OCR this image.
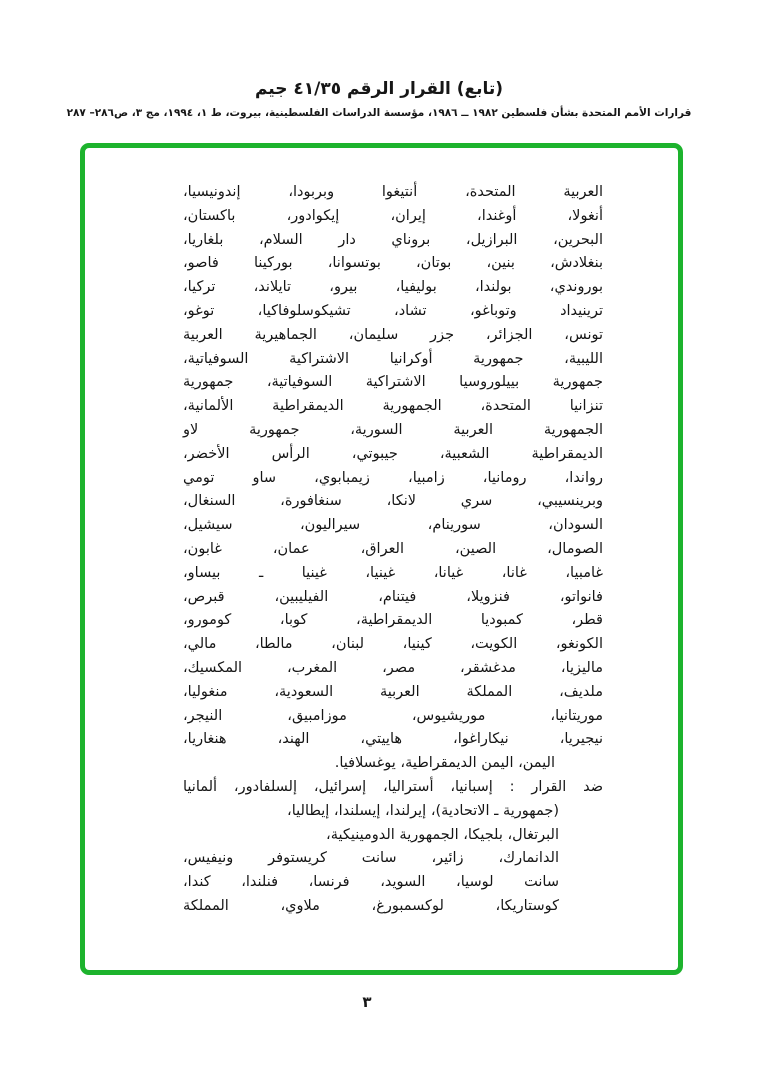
(تابع) القرار الرقم ٤١/٣٥ جيم
قرارات الأمم المتحدة بشأن فلسطين ١٩٨٢ ــ ١٩٨٦، مؤسسة الدراسات الفلسطينية، بيروت، ط ١، ١٩٩٤، مج ٣، ص٢٨٦– ٢٨٧
العربية المتحدة، أنتيغوا وبربودا، إندونيسيا،
أنغولا، أوغندا، إيران، إيكوادور، باكستان،
البحرين، البرازيل، بروناي دار السلام، بلغاريا،
بنغلادش، بنين، بوتان، بوتسوانا، بوركينا فاصو،
بوروندي، بولندا، بوليفيا، بيرو، تايلاند، تركيا،
ترينيداد وتوباغو، تشاد، تشيكوسلوفاكيا، توغو،
تونس، الجزائر، جزر سليمان، الجماهيرية العربية
الليبية، جمهورية أوكرانيا الاشتراكية السوفياتية،
جمهورية بييلوروسيا الاشتراكية السوفياتية، جمهورية
تنزانيا المتحدة، الجمهورية الديمقراطية الألمانية،
الجمهورية العربية السورية، جمهورية لاو
الديمقراطية الشعبية، جيبوتي، الرأس الأخضر،
رواندا، رومانيا، زامبيا، زيمبابوي، ساو تومي
وبرينسيبي، سري لانكا، سنغافورة، السنغال،
السودان، سورينام، سيراليون، سيشيل،
الصومال، الصين، العراق، عمان، غابون،
غامبيا، غانا، غيانا، غينيا، غينيا ـ بيساو،
فانواتو، فنزويلا، فيتنام، الفيليبين، قبرص،
قطر، كمبوديا الديمقراطية، كوبا، كومورو،
الكونغو، الكويت، كينيا، لبنان، مالطا، مالي،
ماليزيا، مدغشقر، مصر، المغرب، المكسيك،
ملديف، المملكة العربية السعودية، منغوليا،
موريتانيا، موريشيوس، موزامبيق، النيجر،
نيجيريا، نيكاراغوا، هاييتي، الهند، هنغاريا،
اليمن، اليمن الديمقراطية، يوغسلافيا.
ضد القرار : إسبانيا، أستراليا، إسرائيل، إلسلفادور، ألمانيا
(جمهورية ـ الاتحادية)، إيرلندا، إيسلندا، إيطاليا،
البرتغال، بلجيكا، الجمهورية الدومينيكية،
الدانمارك، زائير، سانت كريستوفر ونيفيس،
سانت لوسيا، السويد، فرنسا، فنلندا، كندا،
كوستاريكا، لوكسمبورغ، ملاوي، المملكة
٣
